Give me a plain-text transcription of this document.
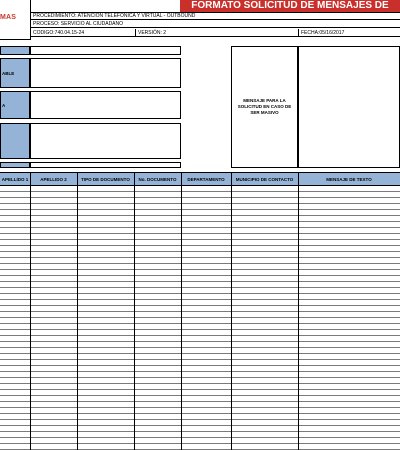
MAS
FORMATO SOLICITUD DE MENSAJES DE TEXTO
PROCEDIMIENTO: ATENCIÓN TELEFÓNICA Y VIRTUAL - OUTBOUND
PROCESO: SERVICIO AL CIUDADANO
CODIGO:740.04.15-24	VERSIÓN: 2	FECHA:05/16/2017
ABLE
A
MENSAJE PARA LA SOLICITUD EN CASO DE SER MASIVO
APELLIDO 1	APELLIDO 2	TIPO DE DOCUMENTO	No. DOCUMENTO	DEPARTAMENTO	MUNICIPIO DE CONTACTO	MENSAJE DE TEXTO
